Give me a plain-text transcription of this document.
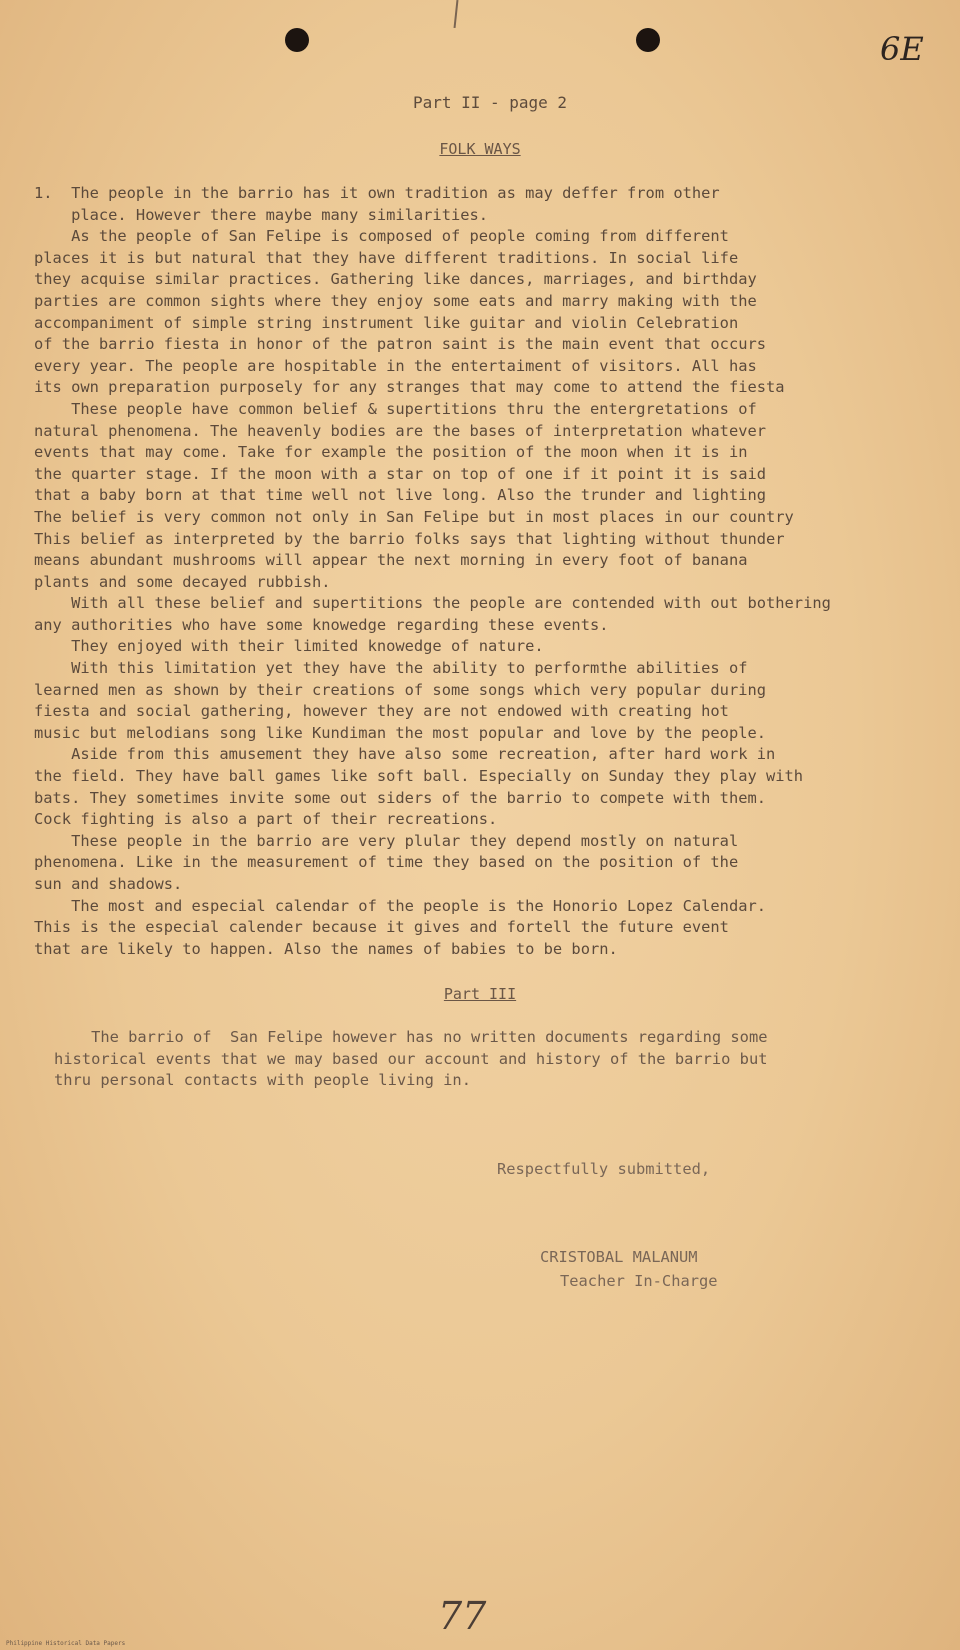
6E
Part II - page 2
FOLK WAYS
1.  The people in the barrio has it own tradition as may deffer from other
place. However there maybe many similarities.
As the people of San Felipe is composed of people coming from different
places it is but natural that they have different traditions. In social life
they acquise similar practices. Gathering like dances, marriages, and birthday
parties are common sights where they enjoy some eats and marry making with the
accompaniment of simple string instrument like guitar and violin Celebration
of the barrio fiesta in honor of the patron saint is the main event that occurs
every year. The people are hospitable in the entertaiment of visitors. All has
its own preparation purposely for any stranges that may come to attend the fiesta
These people have common belief & supertitions thru the entergretations of
natural phenomena. The heavenly bodies are the bases of interpretation whatever
events that may come. Take for example the position of the moon when it is in
the quarter stage. If the moon with a star on top of one if it point it is said
that a baby born at that time well not live long. Also the trunder and lighting
The belief is very common not only in San Felipe but in most places in our country
This belief as interpreted by the barrio folks says that lighting without thunder
means abundant mushrooms will appear the next morning in every foot of banana
plants and some decayed rubbish.
With all these belief and supertitions the people are contended with out bothering
any authorities who have some knowedge regarding these events.
They enjoyed with their limited knowedge of nature.
With this limitation yet they have the ability to performthe abilities of
learned men as shown by their creations of some songs which very popular during
fiesta and social gathering, however they are not endowed with creating hot
music but melodians song like Kundiman the most popular and love by the people.
Aside from this amusement they have also some recreation, after hard work in
the field. They have ball games like soft ball. Especially on Sunday they play with
bats. They sometimes invite some out siders of the barrio to compete with them.
Cock fighting is also a part of their recreations.
These people in the barrio are very plular they depend mostly on natural
phenomena. Like in the measurement of time they based on the position of the
sun and shadows.
The most and especial calendar of the people is the Honorio Lopez Calendar.
This is the especial calender because it gives and fortell the future event
that are likely to happen. Also the names of babies to be born.
Part III
The barrio of  San Felipe however has no written documents regarding some
historical events that we may based our account and history of the barrio but
thru personal contacts with people living in.
Respectfully submitted,
CRISTOBAL MALANUM
Teacher In-Charge
77
Philippine Historical Data Papers
